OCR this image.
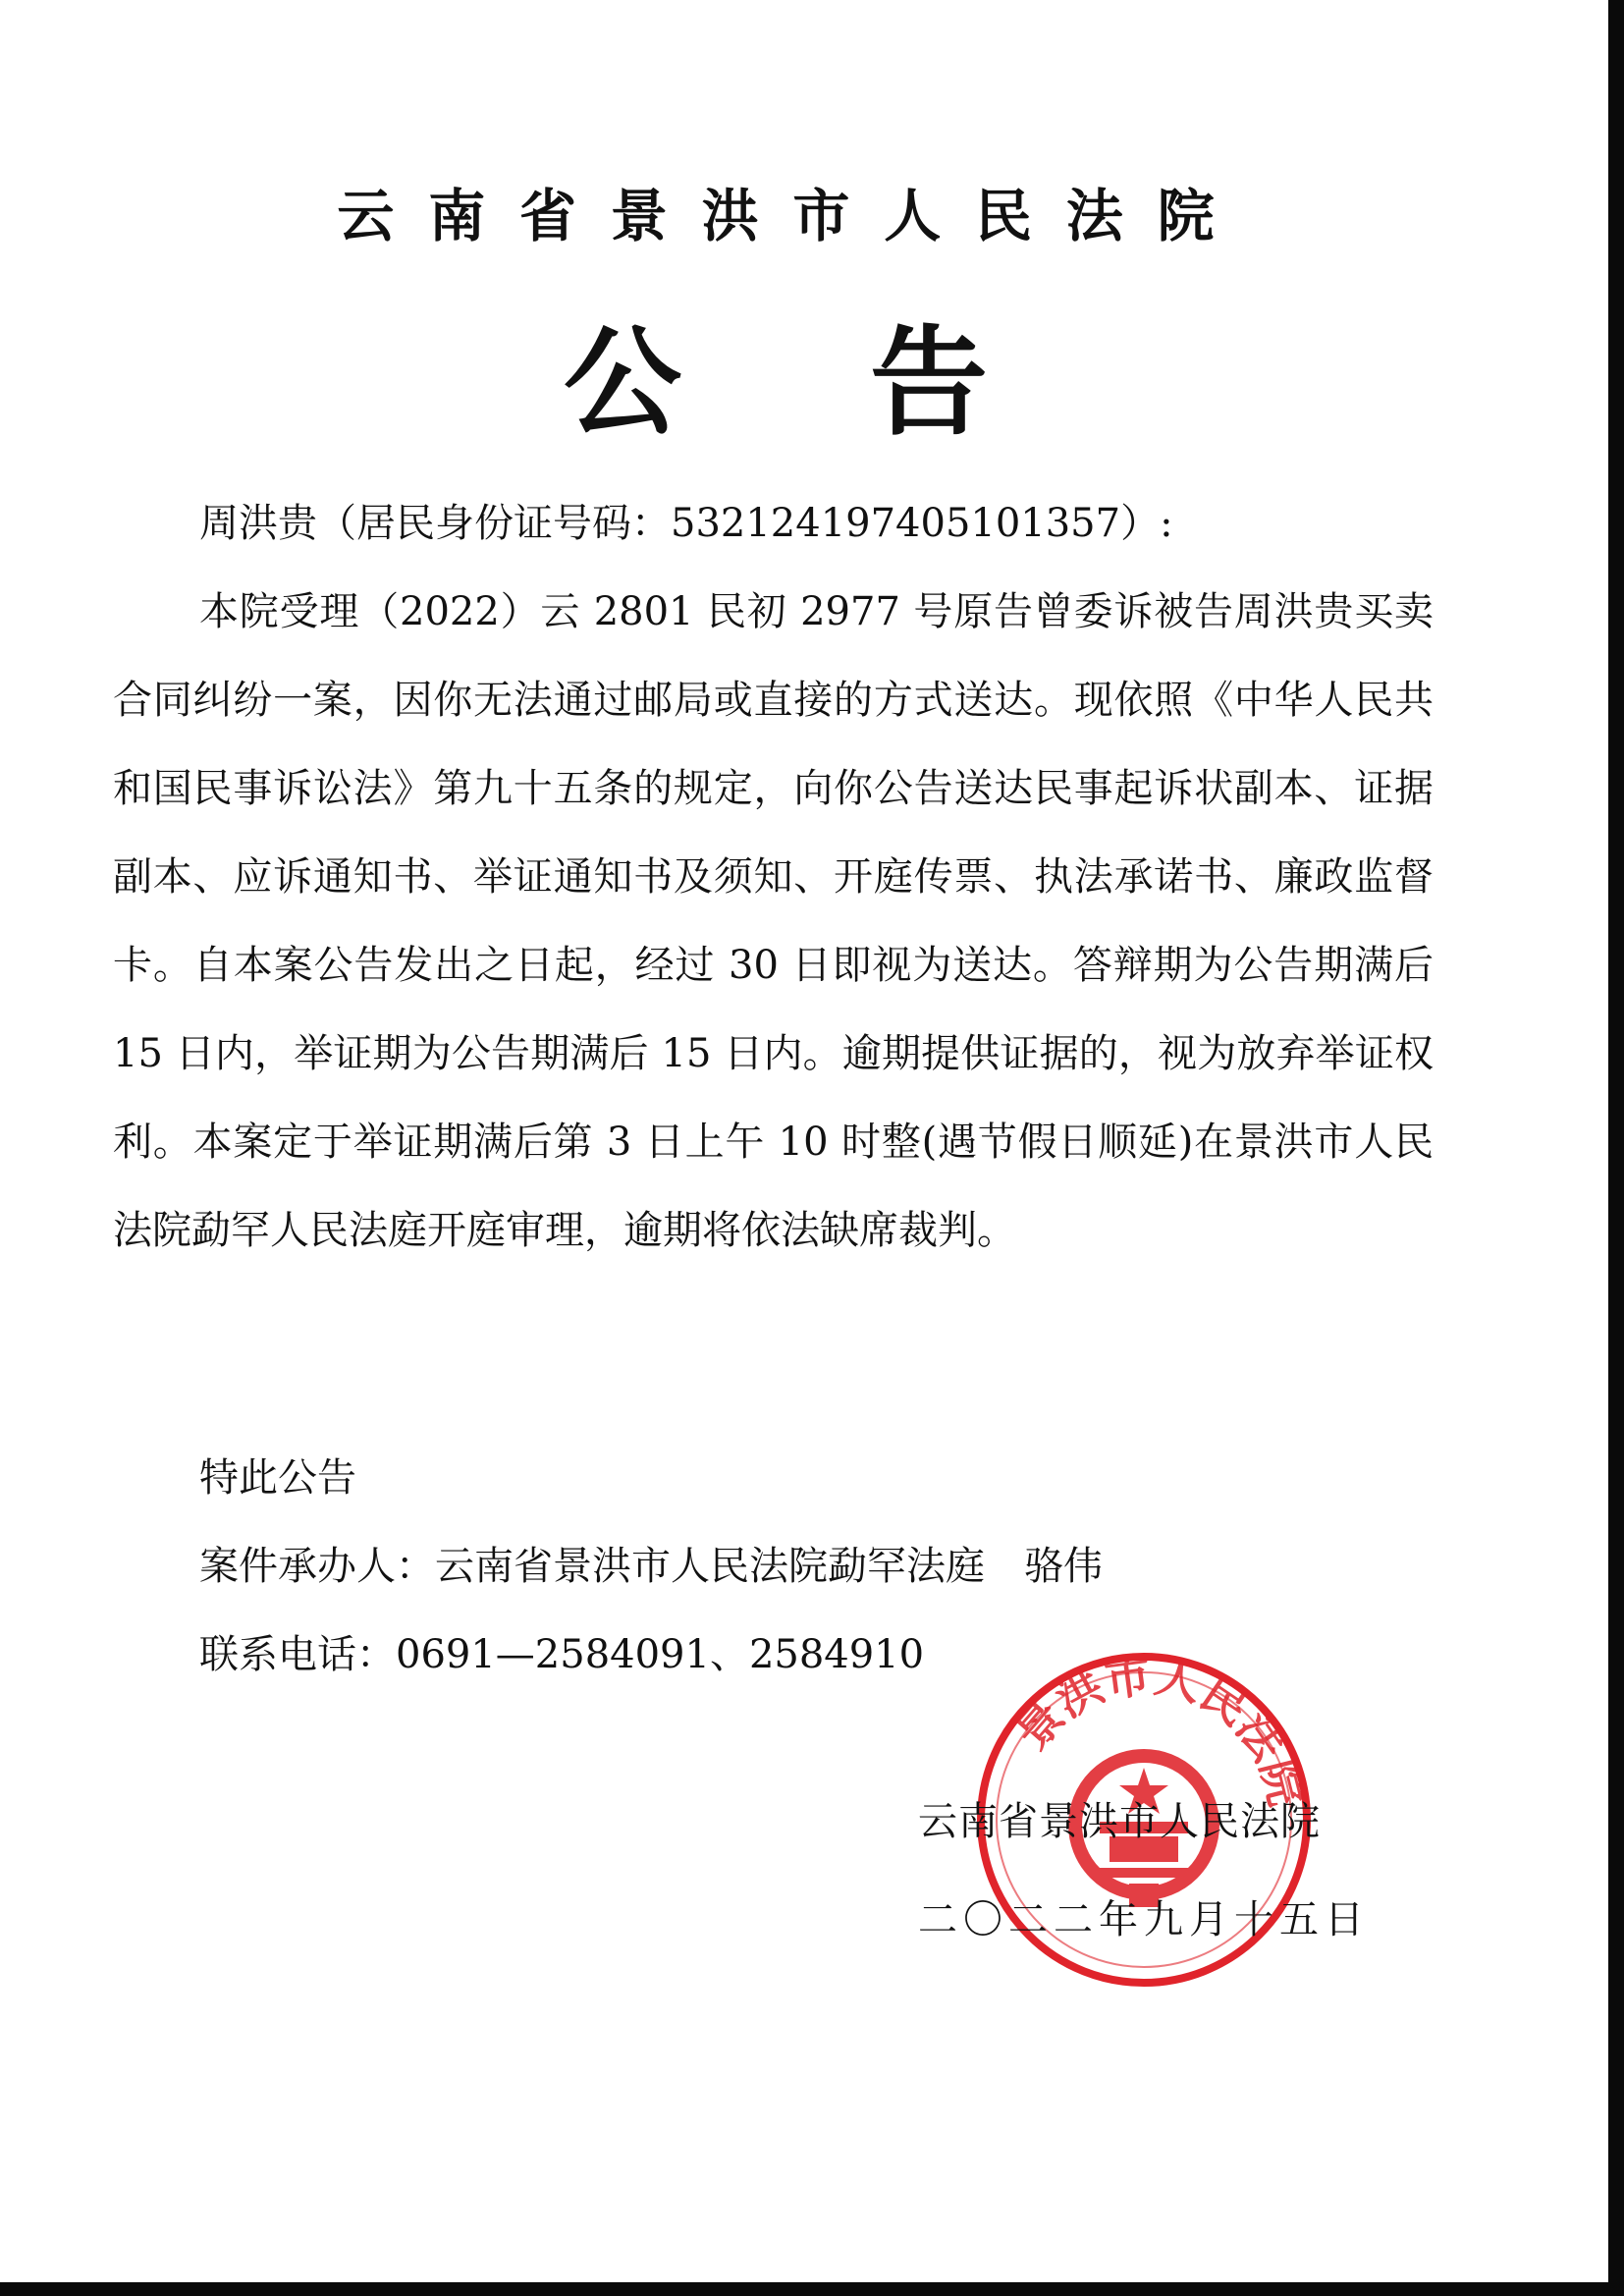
云南省景洪市人民法院
公告
周洪贵（居民身份证号码：532124197405101357）:
本院受理（2022）云 2801 民初 2977 号原告曾委诉被告周洪贵买卖合同纠纷一案，因你无法通过邮局或直接的方式送达。现依照《中华人民共和国民事诉讼法》第九十五条的规定，向你公告送达民事起诉状副本、证据副本、应诉通知书、举证通知书及须知、开庭传票、执法承诺书、廉政监督卡。自本案公告发出之日起，经过 30 日即视为送达。答辩期为公告期满后 15 日内，举证期为公告期满后 15 日内。逾期提供证据的，视为放弃举证权利。本案定于举证期满后第 3 日上午 10 时整(遇节假日顺延)在景洪市人民法院勐罕人民法庭开庭审理，逾期将依法缺席裁判。
特此公告
案件承办人：云南省景洪市人民法院勐罕法庭　骆伟
联系电话：0691—2584091、2584910
景洪市人民法院
云南省景洪市人民法院
二〇二二年九月十五日
